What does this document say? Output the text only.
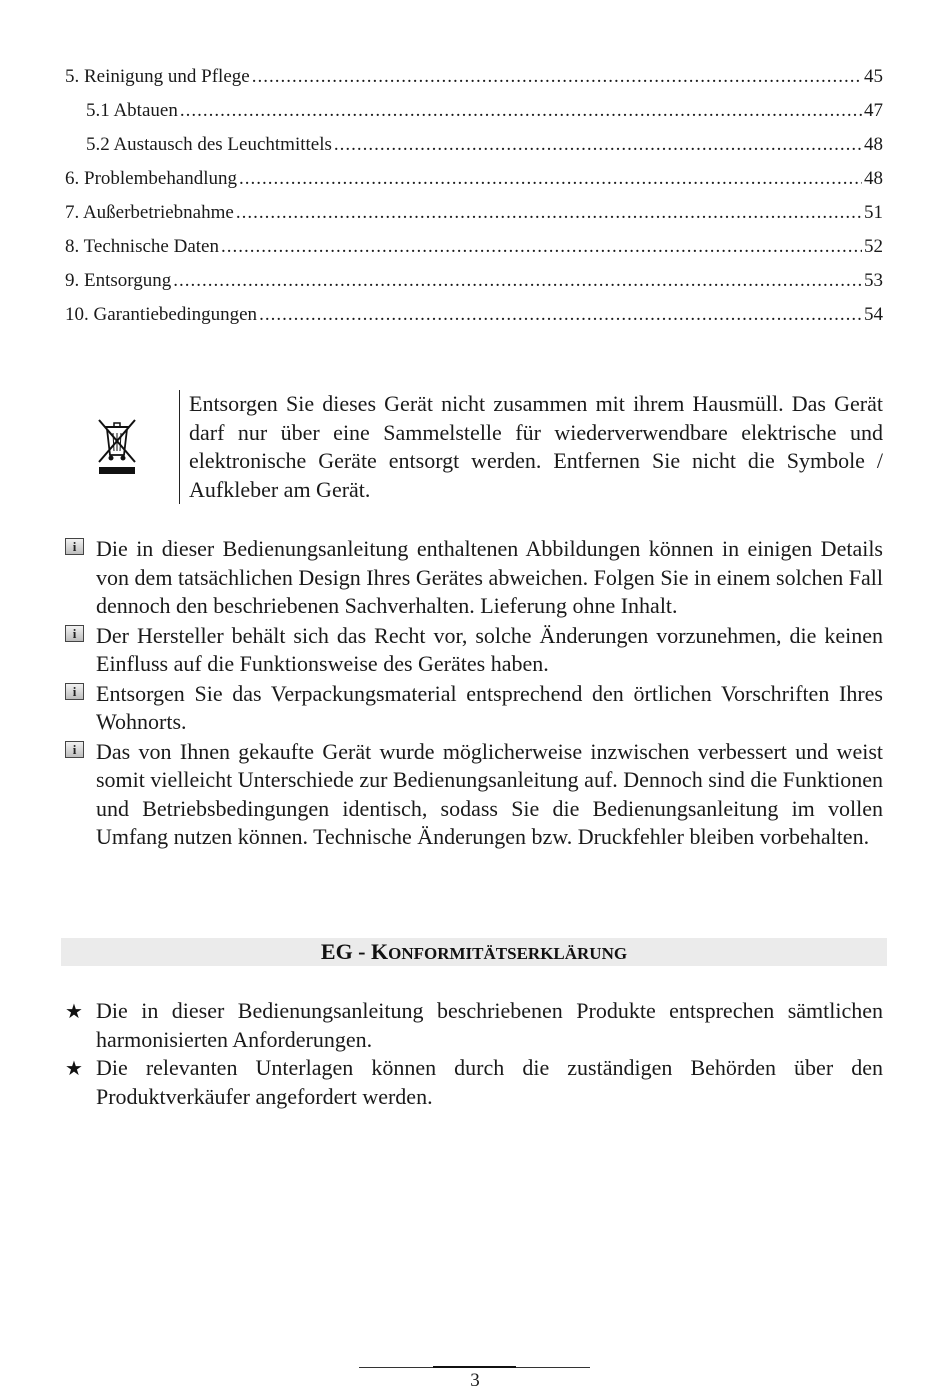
5. Reinigung und Pflege .....	45
5.1 Abtauen .....	47
5.2 Austausch des Leuchtmittels .....	48
6. Problembehandlung .....	48
7. Außerbetriebnahme .....	51
8. Technische Daten .....	52
9. Entsorgung .....	53
10. Garantiebedingungen .....	54
Entsorgen Sie dieses Gerät nicht zusammen mit ihrem Hausmüll. Das Gerät darf nur über eine Sammelstelle für wiederverwendbare elektrische und elektronische Geräte entsorgt werden. Entfernen Sie nicht die Symbole / Aufkleber am Gerät.
i Die in dieser Bedienungsanleitung enthaltenen Abbildungen können in einigen Details von dem tatsächlichen Design Ihres Gerätes abweichen. Folgen Sie in einem solchen Fall dennoch den beschriebenen Sachverhalten. Lieferung ohne Inhalt.
i Der Hersteller behält sich das Recht vor, solche Änderungen vorzunehmen, die keinen Einfluss auf die Funktionsweise des Gerätes haben.
i Entsorgen Sie das Verpackungsmaterial entsprechend den örtlichen Vorschriften Ihres Wohnorts.
i Das von Ihnen gekaufte Gerät wurde möglicherweise inzwischen verbessert und weist somit vielleicht Unterschiede zur Bedienungsanleitung auf. Dennoch sind die Funktionen und Betriebsbedingungen identisch, sodass Sie die Bedienungsanleitung im vollen Umfang nutzen können. Technische Änderungen bzw. Druckfehler bleiben vorbehalten.
EG - KONFORMITÄTSERKLÄRUNG
★ Die in dieser Bedienungsanleitung beschriebenen Produkte entsprechen sämtlichen harmonisierten Anforderungen.
★ Die relevanten Unterlagen können durch die zuständigen Behörden über den Produktverkäufer angefordert werden.
3
